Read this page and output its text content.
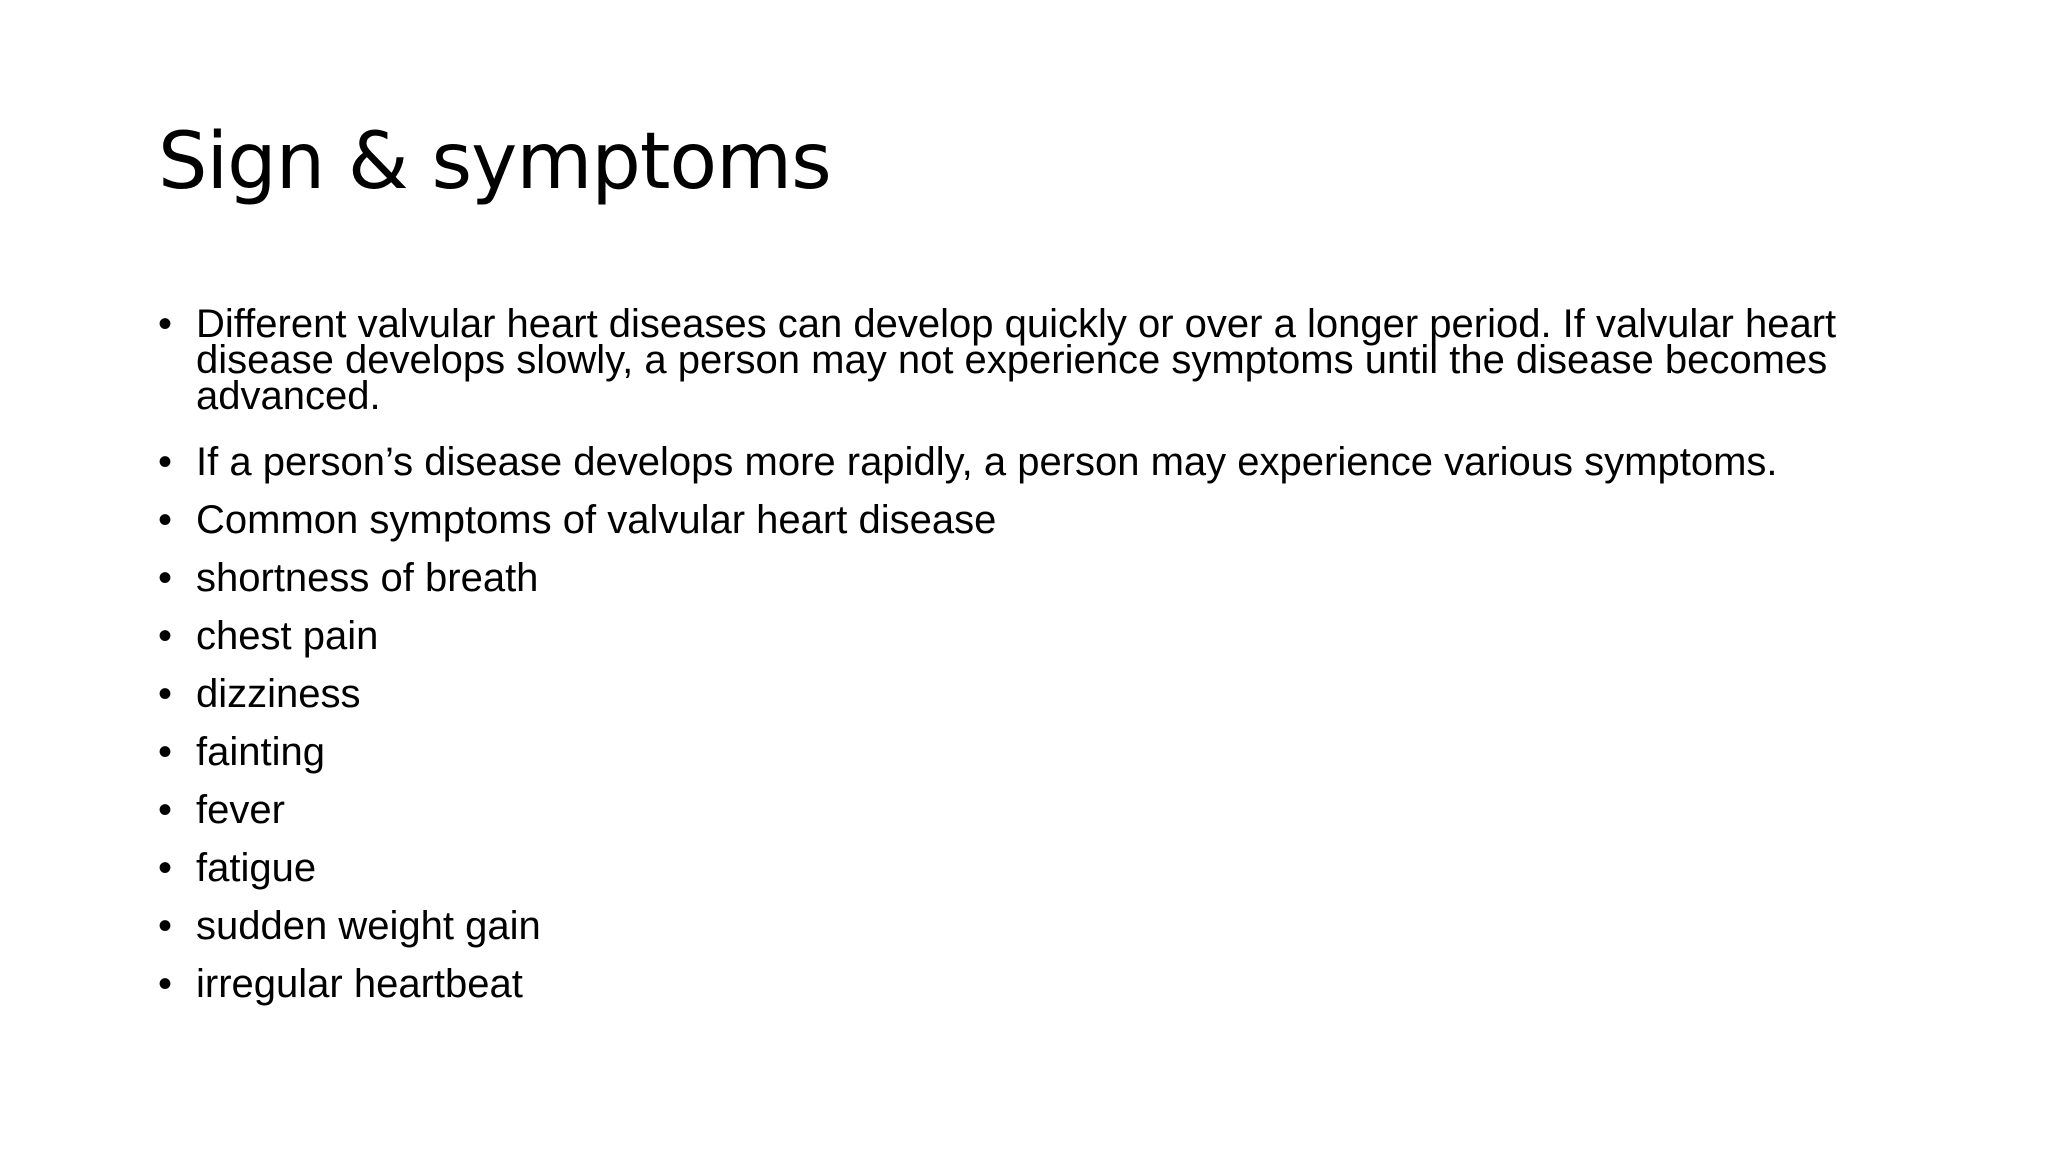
Sign & symptoms
• Different valvular heart diseases can develop quickly or over a longer period. If valvular heart disease develops slowly, a person may not experience symptoms until the disease becomes advanced.
• If a person’s disease develops more rapidly, a person may experience various symptoms.
• Common symptoms of valvular heart disease
• shortness of breath
• chest pain
• dizziness
• fainting
• fever
• fatigue
• sudden weight gain
• irregular heartbeat
